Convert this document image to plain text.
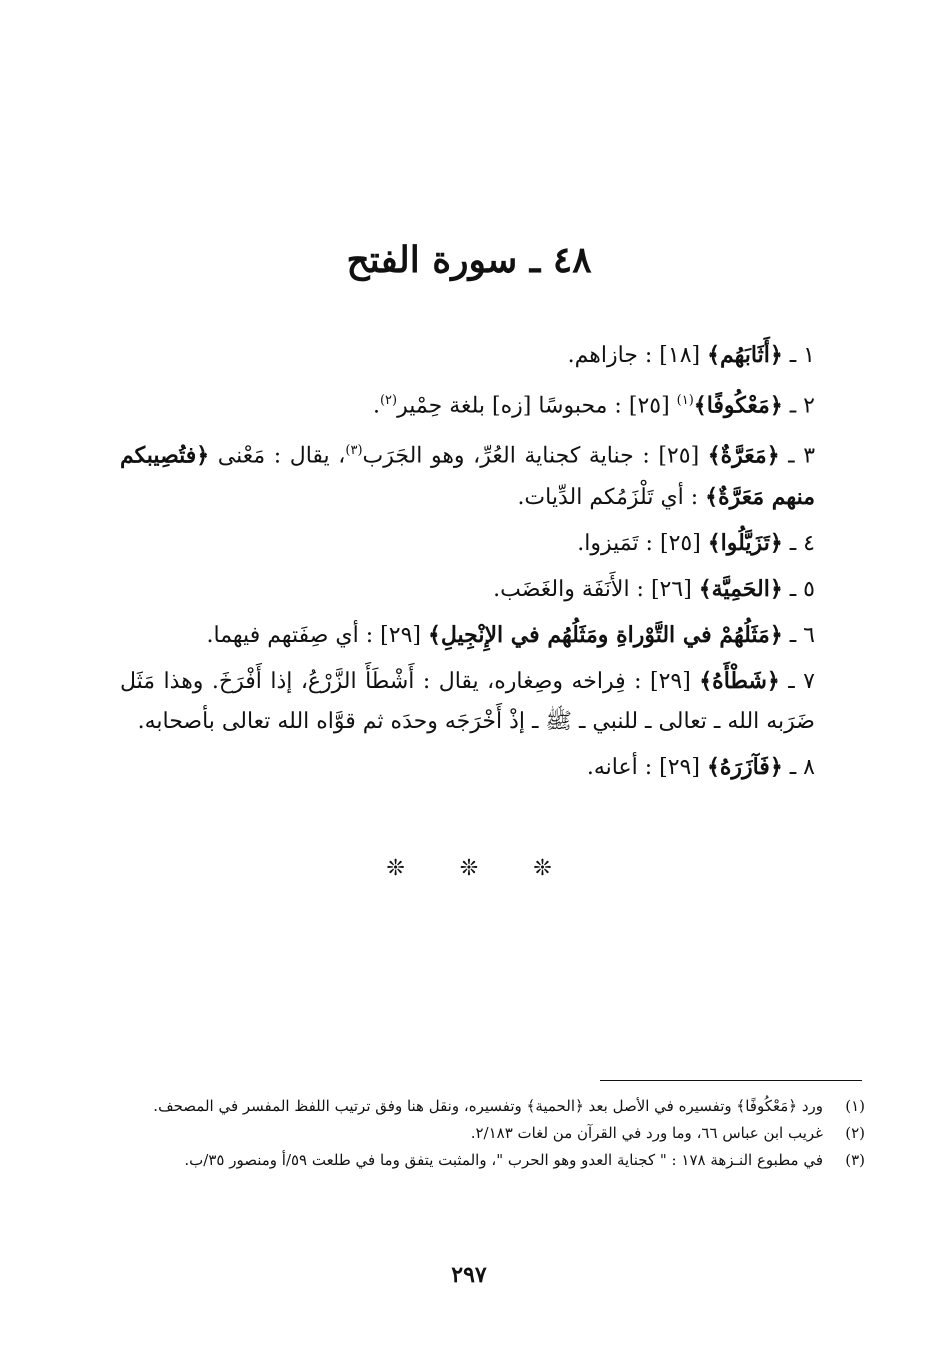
٤٨ ـ سورة الفتح

١ ـ ﴿أَثَابَهُم﴾ [١٨] : جازاهم.

٢ ـ ﴿مَعْكُوفًا﴾$^{(١)}$ [٢٥] : محبوسًا [زه] بلغة حِمْير$^{(٢)}$.

٣ ـ ﴿مَعَرَّةٌ﴾ [٢٥] : جناية كجناية العُرِّ، وهو الجَرَب$^{(٣)}$، يقال : مَعْنى ﴿فتُصِيبكم منهم مَعَرَّةٌ﴾ : أي تَلْزَمُكم الدِّيات.

٤ ـ ﴿تَزَيَّلُوا﴾ [٢٥] : تَمَيزوا.

٥ ـ ﴿الحَمِيَّة﴾ [٢٦] : الأَنَفَة والغَضَب.

٦ ـ ﴿مَثَلُهُمْ في التَّوْراةِ ومَثَلُهُم في الإِنْجِيلِ﴾ [٢٩] : أي صِفَتهم فيهما.

٧ ـ ﴿شَطْأَهُ﴾ [٢٩] : فِراخه وصِغاره، يقال : أَشْطَأَ الزَّرْعُ، إذا أَفْرَخَ. وهذا مَثَل ضَرَبه الله ـ تعالى ـ للنبي ـ ﷺ ـ إذْ أَخْرَجَه وحدَه ثم قوَّاه الله تعالى بأصحابه.

٨ ـ ﴿فَآزَرَهُ﴾ [٢٩] : أعانه.

❊ ❊ ❊
(١)
ورد ﴿مَعْكُوفًا﴾ وتفسيره في الأصل بعد ﴿الحمية﴾ وتفسيره، ونقل هنا وفق ترتيب اللفظ المفسر في المصحف.
(٢)
غريب ابن عباس ٦٦، وما ورد في القرآن من لغات ٢/١٨٣.
(٣)
في مطبوع النـزهة ١٧٨ : " كجناية العدو وهو الحرب "، والمثبت يتفق وما في طلعت ٥٩/أ ومنصور ٣٥/ب.
٢٩٧
